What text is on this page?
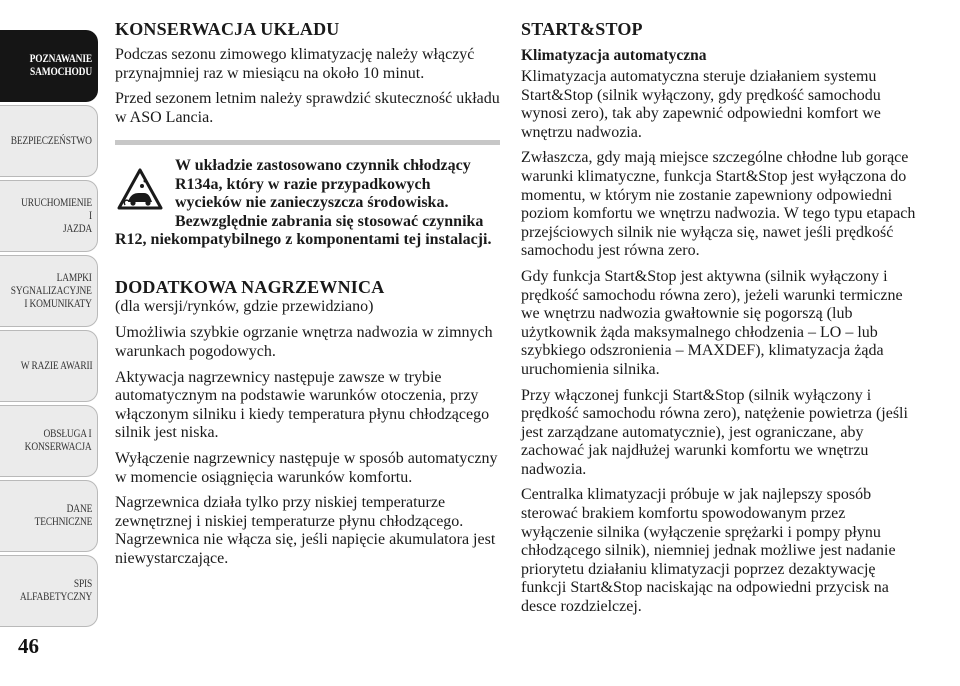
POZNAWANIE
SAMOCHODU
BEZPIECZEŃSTWO
URUCHOMIENIE I
JAZDA
LAMPKI
SYGNALIZACYJNE
I KOMUNIKATY
W RAZIE AWARII
OBSŁUGA I
KONSERWACJA
DANE
TECHNICZNE
SPIS
ALFABETYCZNY
46
KONSERWACJA UKŁADU

Podczas sezonu zimowego klimatyzację należy włączyć przynajmniej raz w miesiącu na około 10 minut.

Przed sezonem letnim należy sprawdzić skuteczność układu w ASO Lancia.

W układzie zastosowano czynnik chłodzący R134a, który w razie przypadkowych wycieków nie zanieczyszcza środowiska. Bezwzględnie zabrania się stosować czynnika R12, niekompatybilnego z komponentami tej instalacji.
DODATKOWA NAGRZEWNICA
(dla wersji/rynków, gdzie przewidziano)

Umożliwia szybkie ogrzanie wnętrza nadwozia w zimnych warunkach pogodowych.

Aktywacja nagrzewnicy następuje zawsze w trybie automatycznym na podstawie warunków otoczenia, przy włączonym silniku i kiedy temperatura płynu chłodzącego silnik jest niska.

Wyłączenie nagrzewnicy następuje w sposób automatyczny w momencie osiągnięcia warunków komfortu.

Nagrzewnica działa tylko przy niskiej temperaturze zewnętrznej i niskiej temperaturze płynu chłodzącego. Nagrzewnica nie włącza się, jeśli napięcie akumulatora jest niewystarczające.

START&STOP
Klimatyzacja automatyczna

Klimatyzacja automatyczna steruje działaniem systemu Start&Stop (silnik wyłączony, gdy prędkość samochodu wynosi zero), tak aby zapewnić odpowiedni komfort we wnętrzu nadwozia.

Zwłaszcza, gdy mają miejsce szczególne chłodne lub gorące warunki klimatyczne, funkcja Start&Stop jest wyłączona do momentu, w którym nie zostanie zapewniony odpowiedni poziom komfortu we wnętrzu nadwozia. W tego typu etapach przejściowych silnik nie wyłącza się, nawet jeśli prędkość samochodu jest równa zero.

Gdy funkcja Start&Stop jest aktywna (silnik wyłączony i prędkość samochodu równa zero), jeżeli warunki termiczne we wnętrzu nadwozia gwałtownie się pogorszą (lub użytkownik żąda maksymalnego chłodzenia – LO – lub szybkiego odszronienia – MAXDEF), klimatyzacja żąda uruchomienia silnika.

Przy włączonej funkcji Start&Stop (silnik wyłączony i prędkość samochodu równa zero), natężenie powietrza (jeśli jest zarządzane automatycznie), jest ograniczane, aby zachować jak najdłużej warunki komfortu we wnętrzu nadwozia.

Centralka klimatyzacji próbuje w jak najlepszy sposób sterować brakiem komfortu spowodowanym przez wyłączenie silnika (wyłączenie sprężarki i pompy płynu chłodzącego silnik), niemniej jednak możliwe jest nadanie priorytetu działaniu klimatyzacji poprzez dezaktywację funkcji Start&Stop naciskając na odpowiedni przycisk na desce rozdzielczej.
